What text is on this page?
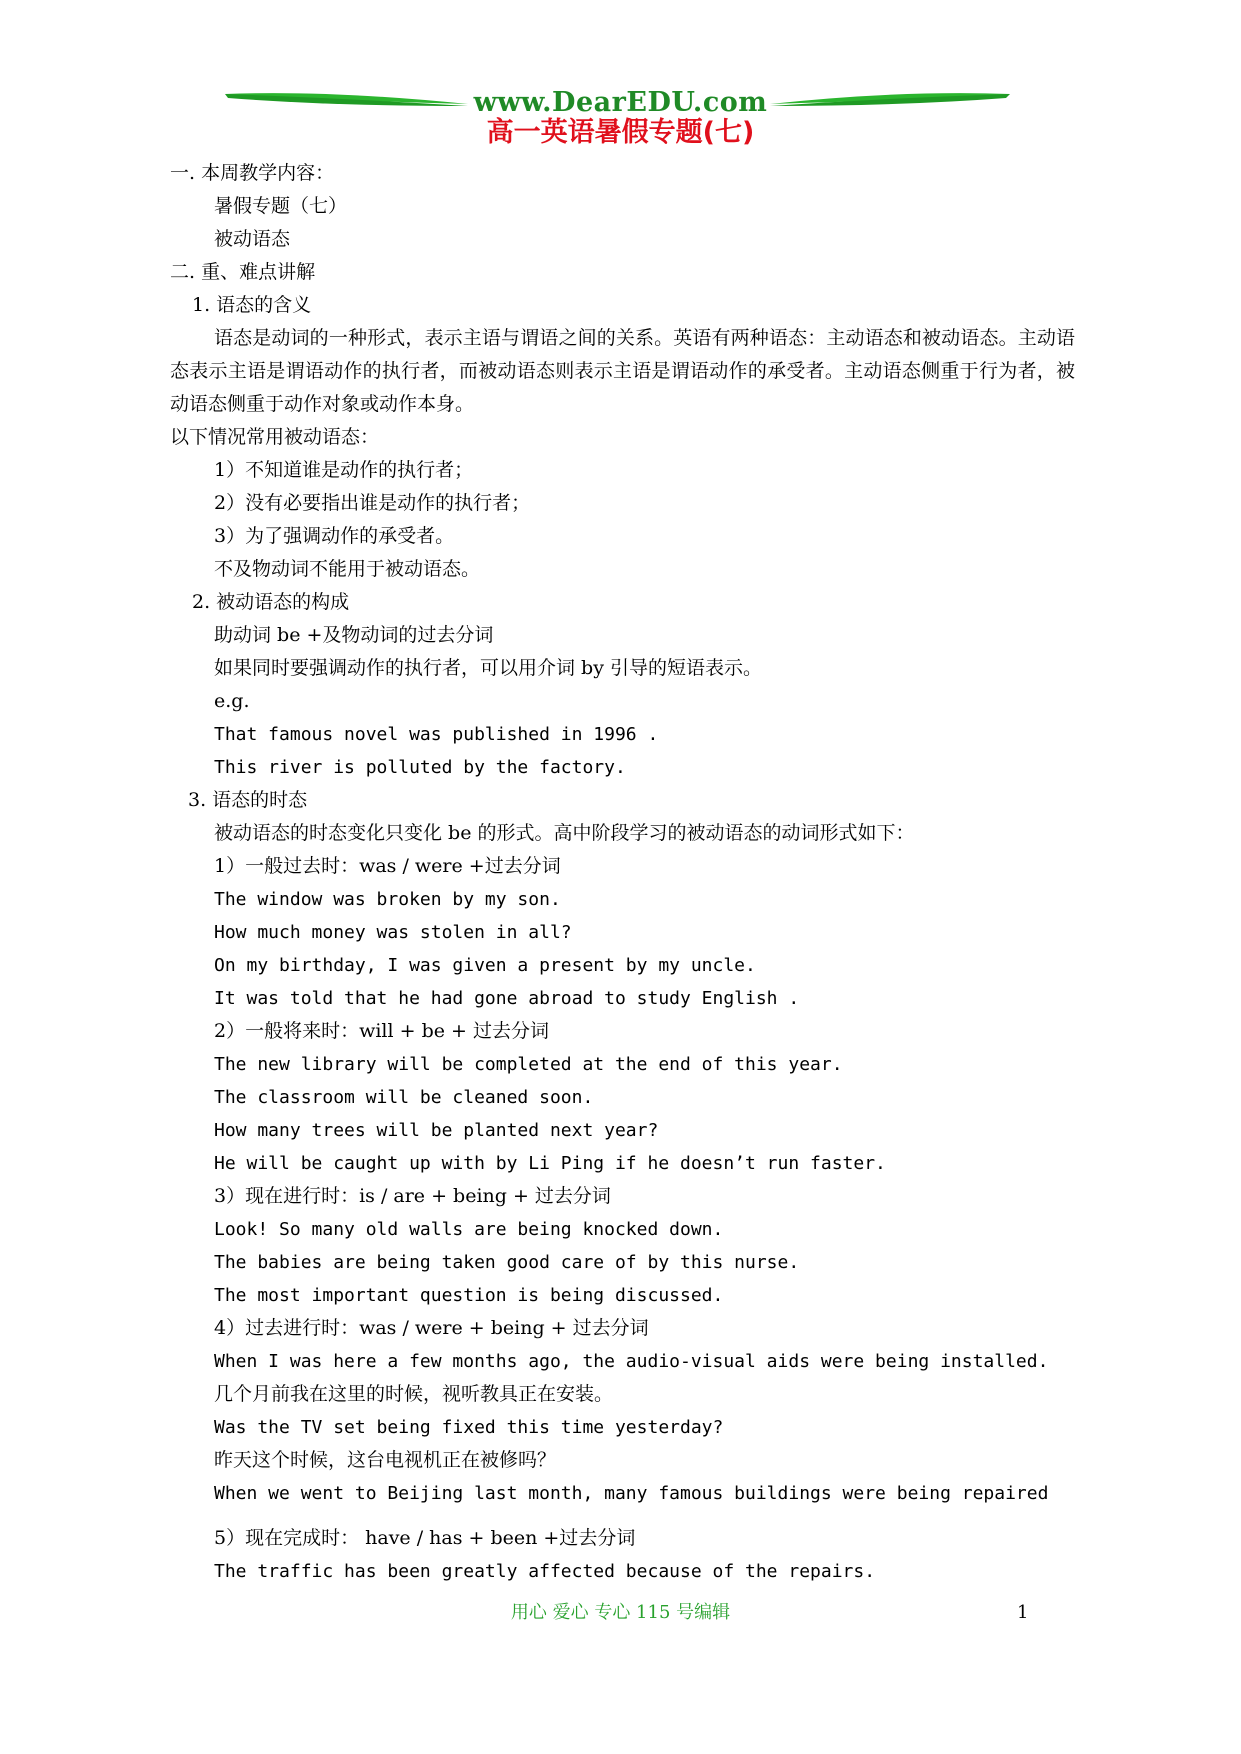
www.DearEDU.com
高一英语暑假专题(七)
一. 本周教学内容：
暑假专题（七）
被动语态
二. 重、难点讲解
1. 语态的含义
语态是动词的一种形式，表示主语与谓语之间的关系。英语有两种语态：主动语态和被动语态。主动语态表示主语是谓语动作的执行者，而被动语态则表示主语是谓语动作的承受者。主动语态侧重于行为者，被动语态侧重于动作对象或动作本身。
以下情况常用被动语态：
1）不知道谁是动作的执行者；
2）没有必要指出谁是动作的执行者；
3）为了强调动作的承受者。
不及物动词不能用于被动语态。
2. 被动语态的构成
助动词 be +及物动词的过去分词
如果同时要强调动作的执行者，可以用介词 by 引导的短语表示。
e.g.
That famous novel was published in 1996 .
This river is polluted by the factory.
3. 语态的时态
被动语态的时态变化只变化 be 的形式。高中阶段学习的被动语态的动词形式如下：
1）一般过去时：was / were +过去分词
The window was broken by my son.
How much money was stolen in all?
On my birthday, I was given a present by my uncle.
It was told that he had gone abroad to study English .
2）一般将来时：will + be + 过去分词
The new library will be completed at the end of this year.
The classroom will be cleaned soon.
How many trees will be planted next year?
He will be caught up with by Li Ping if he doesn’t run faster.
3）现在进行时：is / are + being + 过去分词
Look! So many old walls are being knocked down.
The babies are being taken good care of by this nurse.
The most important question is being discussed.
4）过去进行时：was / were + being + 过去分词
When I was here a few months ago, the audio-visual aids were being installed.
几个月前我在这里的时候，视听教具正在安装。
Was the TV set being fixed this time yesterday?
昨天这个时候，这台电视机正在被修吗？
When we went to Beijing last month, many famous buildings were being repaired
5）现在完成时： have / has + been +过去分词
The traffic has been greatly affected because of the repairs.
用心 爱心 专心 115 号编辑	1
